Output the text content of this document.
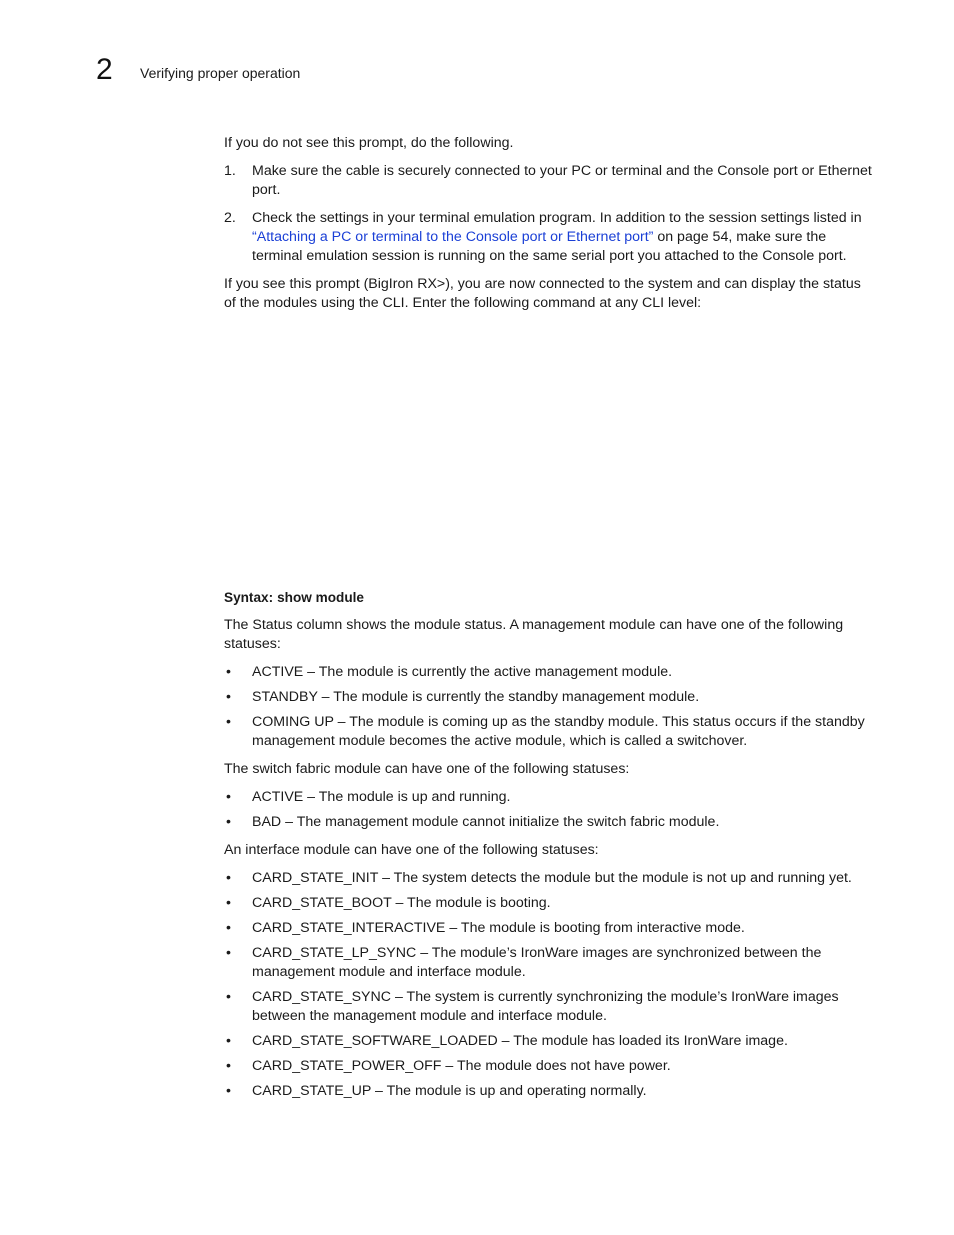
2 Verifying proper operation

If you do not see this prompt, do the following.

1.	Make sure the cable is securely connected to your PC or terminal and the Console port or Ethernet port.
2.	Check the settings in your terminal emulation program. In addition to the session settings listed in “Attaching a PC or terminal to the Console port or Ethernet port” on page 54, make sure the terminal emulation session is running on the same serial port you attached to the Console port.

If you see this prompt (BigIron RX>), you are now connected to the system and can display the status of the modules using the CLI. Enter the following command at any CLI level:

Syntax: show module

The Status column shows the module status. A management module can have one of the following statuses:

•	ACTIVE – The module is currently the active management module.
•	STANDBY – The module is currently the standby management module.
•	COMING UP – The module is coming up as the standby module. This status occurs if the standby management module becomes the active module, which is called a switchover.

The switch fabric module can have one of the following statuses:

•	ACTIVE – The module is up and running.
•	BAD – The management module cannot initialize the switch fabric module.

An interface module can have one of the following statuses:

•	CARD_STATE_INIT – The system detects the module but the module is not up and running yet.
•	CARD_STATE_BOOT – The module is booting.
•	CARD_STATE_INTERACTIVE – The module is booting from interactive mode.
•	CARD_STATE_LP_SYNC – The module’s IronWare images are synchronized between the management module and interface module.
•	CARD_STATE_SYNC – The system is currently synchronizing the module’s IronWare images between the management module and interface module.
•	CARD_STATE_SOFTWARE_LOADED – The module has loaded its IronWare image.
•	CARD_STATE_POWER_OFF – The module does not have power.
•	CARD_STATE_UP – The module is up and operating normally.
